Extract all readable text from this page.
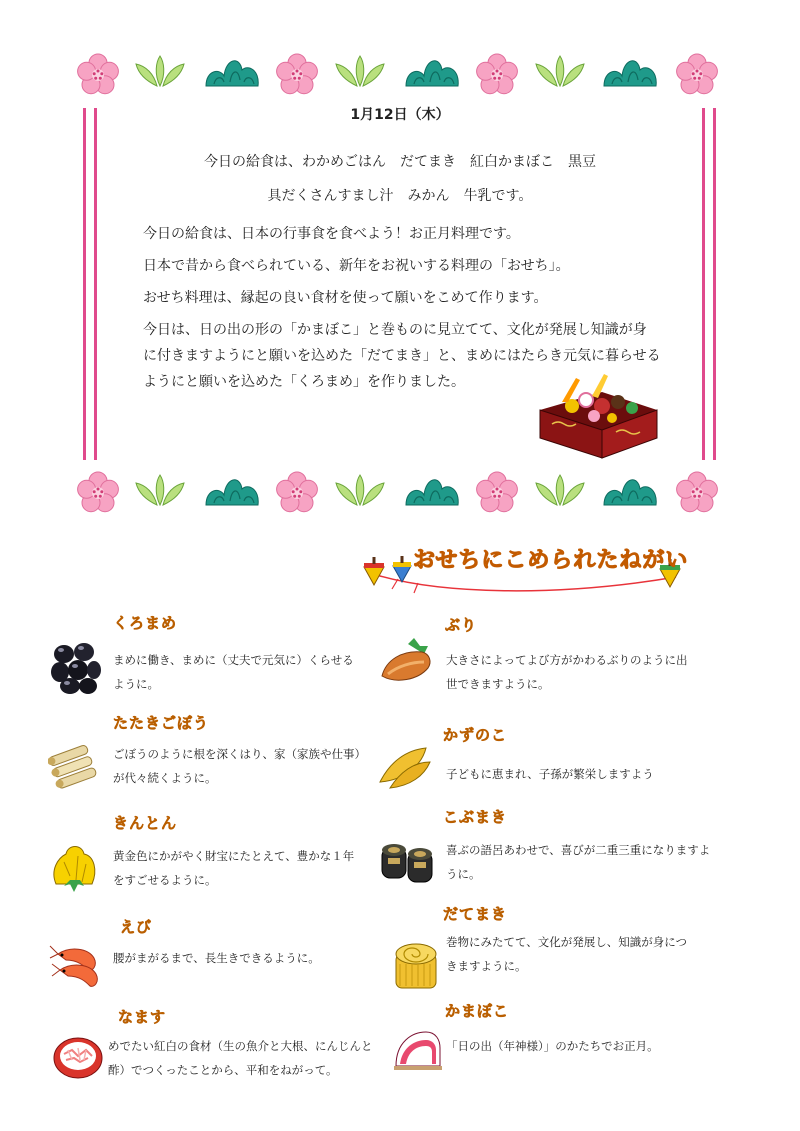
1月12日（木）
今日の給食は、わかめごはん　だてまき　紅白かまぼこ　黒豆
具だくさんすまし汁　みかん　牛乳です。
今日の給食は、日本の行事食を食べよう！お正月料理です。
日本で昔から食べられている、新年をお祝いする料理の「おせち」。
おせち料理は、縁起の良い食材を使って願いをこめて作ります。
今日は、日の出の形の「かまぼこ」と巻ものに見立てて、文化が発展し知識が身
に付きますようにと願いを込めた「だてまき」と、まめにはたらき元気に暮らせる
ようにと願いを込めた「くろまめ」を作りました。
おせちにこめられたねがい
くろまめ
まめに働き、まめに（丈夫で元気に）くらせるように。
たたきごぼう
ごぼうのように根を深くはり、家（家族や仕事）が代々続くように。
きんとん
黄金色にかがやく財宝にたとえて、豊かな１年をすごせるように。
えび
腰がまがるまで、長生きできるように。
なます
めでたい紅白の食材（生の魚介と大根、にんじんと酢）でつくったことから、平和をねがって。
ぶり
大きさによってよび方がかわるぶりのように出世できますように。
かずのこ
子どもに恵まれ、子孫が繁栄しますよう
こぶまき
喜ぶの語呂あわせで、喜びが二重三重になりますように。
だてまき
巻物にみたてて、文化が発展し、知識が身につきますように。
かまぼこ
「日の出（年神様）」のかたちでお正月。
